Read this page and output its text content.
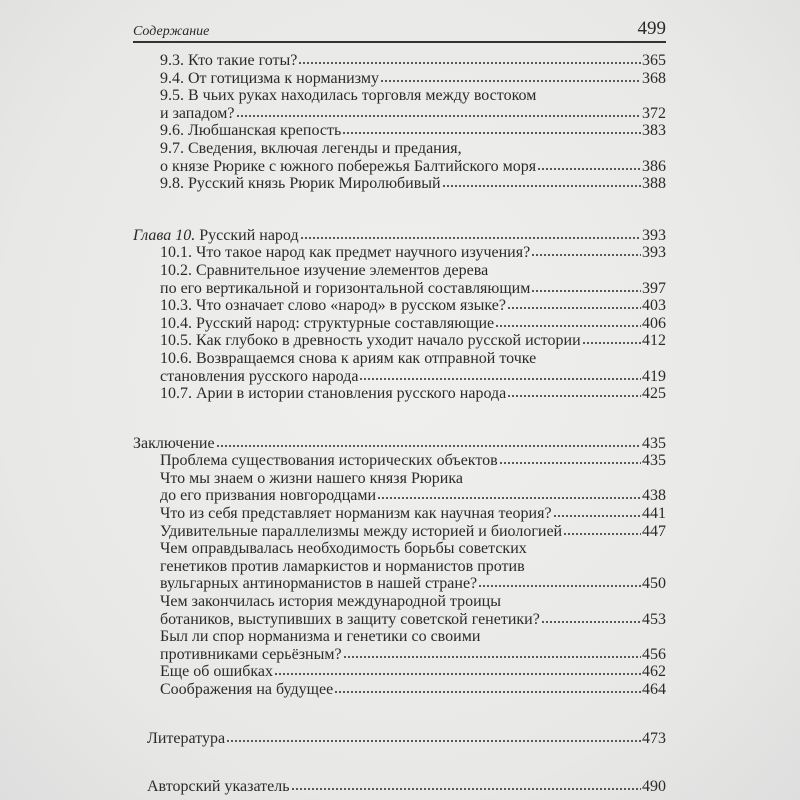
Содержание	499
9.3. Кто такие готы?	365
9.4. От готицизма к норманизму	368
9.5. В чьих руках находилась торговля между востоком
и западом?	372
9.6. Любшанская крепость	383
9.7. Сведения, включая легенды и предания,
о князе Рюрике с южного побережья Балтийского моря	386
9.8. Русский князь Рюрик Миролюбивый	388
Глава 10.
Русский народ	393
10.1. Что такое народ как предмет научного изучения?	393
10.2. Сравнительное изучение элементов дерева
по его вертикальной и горизонтальной составляющим	397
10.3. Что означает слово «народ» в русском языке?	403
10.4. Русский народ: структурные составляющие	406
10.5. Как глубоко в древность уходит начало русской истории	412
10.6. Возвращаемся снова к ариям как отправной точке
становления русского народа	419
10.7. Арии в истории становления русского народа	425
Заключение	435
Проблема существования исторических объектов	435
Что мы знаем о жизни нашего князя Рюрика
до его призвания новгородцами	438
Что из себя представляет норманизм как научная теория?	441
Удивительные параллелизмы между историей и биологией	447
Чем оправдывалась необходимость борьбы советских
генетиков против ламаркистов и норманистов против
вульгарных антинорманистов в нашей стране?	450
Чем закончилась история международной троицы
ботаников, выступивших в защиту советской генетики?	453
Был ли спор норманизма и генетики со своими
противниками серьёзным?	456
Еще об ошибках	462
Соображения на будущее	464
Литература	473
Авторский указатель	490
